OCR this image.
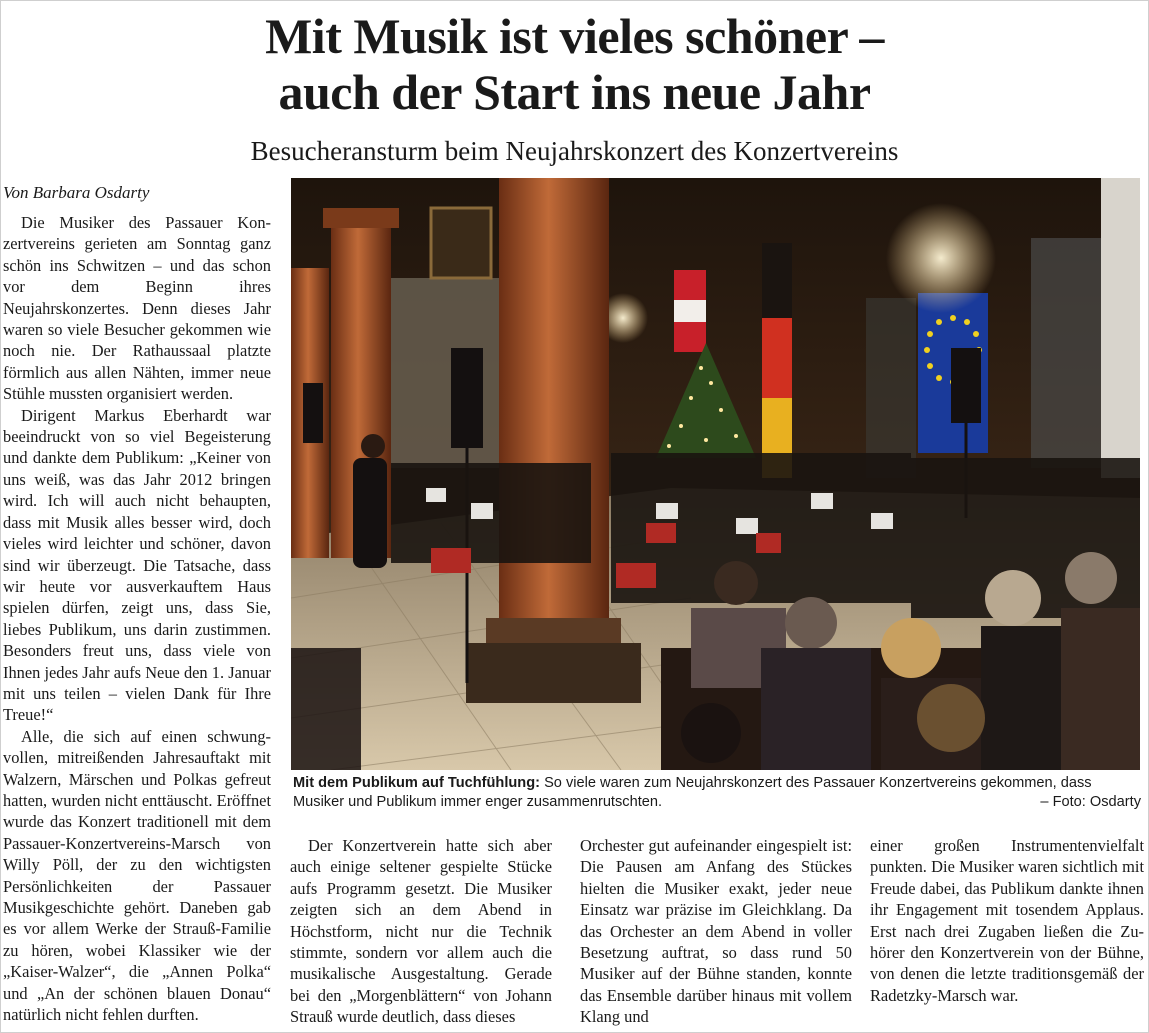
Mit Musik ist vieles schöner –
auch der Start ins neue Jahr
Besucheransturm beim Neujahrskonzert des Konzertvereins
Von Barbara Osdarty

Die Musiker des Passauer Konzertvereins gerieten am Sonntag ganz schön ins Schwitzen – und das schon vor dem Beginn ihres Neujahrskonzertes. Denn dieses Jahr waren so viele Besucher gekommen wie noch nie. Der Rathaussaal platzte förmlich aus allen Nähten, immer neue Stühle mussten organisiert werden.

Dirigent Markus Eberhardt war beeindruckt von so viel Begeisterung und dankte dem Publikum: „Keiner von uns weiß, was das Jahr 2012 bringen wird. Ich will auch nicht behaupten, dass mit Musik alles besser wird, doch vieles wird leichter und schöner, davon sind wir überzeugt. Die Tatsache, dass wir heute vor ausverkauftem Haus spielen dürfen, zeigt uns, dass Sie, liebes Publikum, uns darin zustimmen. Besonders freut uns, dass viele von Ihnen jedes Jahr aufs Neue den 1. Januar mit uns teilen – vielen Dank für Ihre Treue!“

Alle, die sich auf einen schwungvollen, mitreißenden Jahresauftakt mit Walzern, Märschen und Polkas gefreut hatten, wurden nicht enttäuscht. Eröffnet wurde das Konzert traditionell mit dem Passauer-Konzertvereins-Marsch von Willy Pöll, der zu den wichtigsten Persönlichkeiten der Passauer Musikgeschichte gehört. Daneben gab es vor allem Werke der Strauß-Familie zu hören, wobei Klassiker wie der „Kaiser-Walzer“, die „Annen Polka“ und „An der schönen blauen Donau“ natürlich nicht fehlen durften.

Mit dem Publikum auf Tuchfühlung: So viele waren zum Neujahrskonzert des Passauer Konzertvereins gekommen, dass Musiker und Publikum immer enger zusammenrutschten.	– Foto: Osdarty

Der Konzertverein hatte sich aber auch einige seltener gespielte Stücke aufs Programm gesetzt. Die Musiker zeigten sich an dem Abend in Höchstform, nicht nur die Technik stimmte, sondern vor allem auch die musikalische Ausgestaltung. Gerade bei den „Morgenblättern“ von Johann Strauß wurde deutlich, dass dieses

Orchester gut aufeinander eingespielt ist: Die Pausen am Anfang des Stückes hielten die Musiker exakt, jeder neue Einsatz war präzise im Gleichklang. Da das Orchester an dem Abend in voller Besetzung auftrat, so dass rund 50 Musiker auf der Bühne standen, konnte das Ensemble darüber hinaus mit vollem Klang und

einer großen Instrumentenvielfalt punkten. Die Musiker waren sichtlich mit Freude dabei, das Publikum dankte ihnen ihr Engagement mit tosendem Applaus. Erst nach drei Zugaben ließen die Zuhörer den Konzertverein von der Bühne, von denen die letzte traditionsgemäß der Radetzky-Marsch war.
